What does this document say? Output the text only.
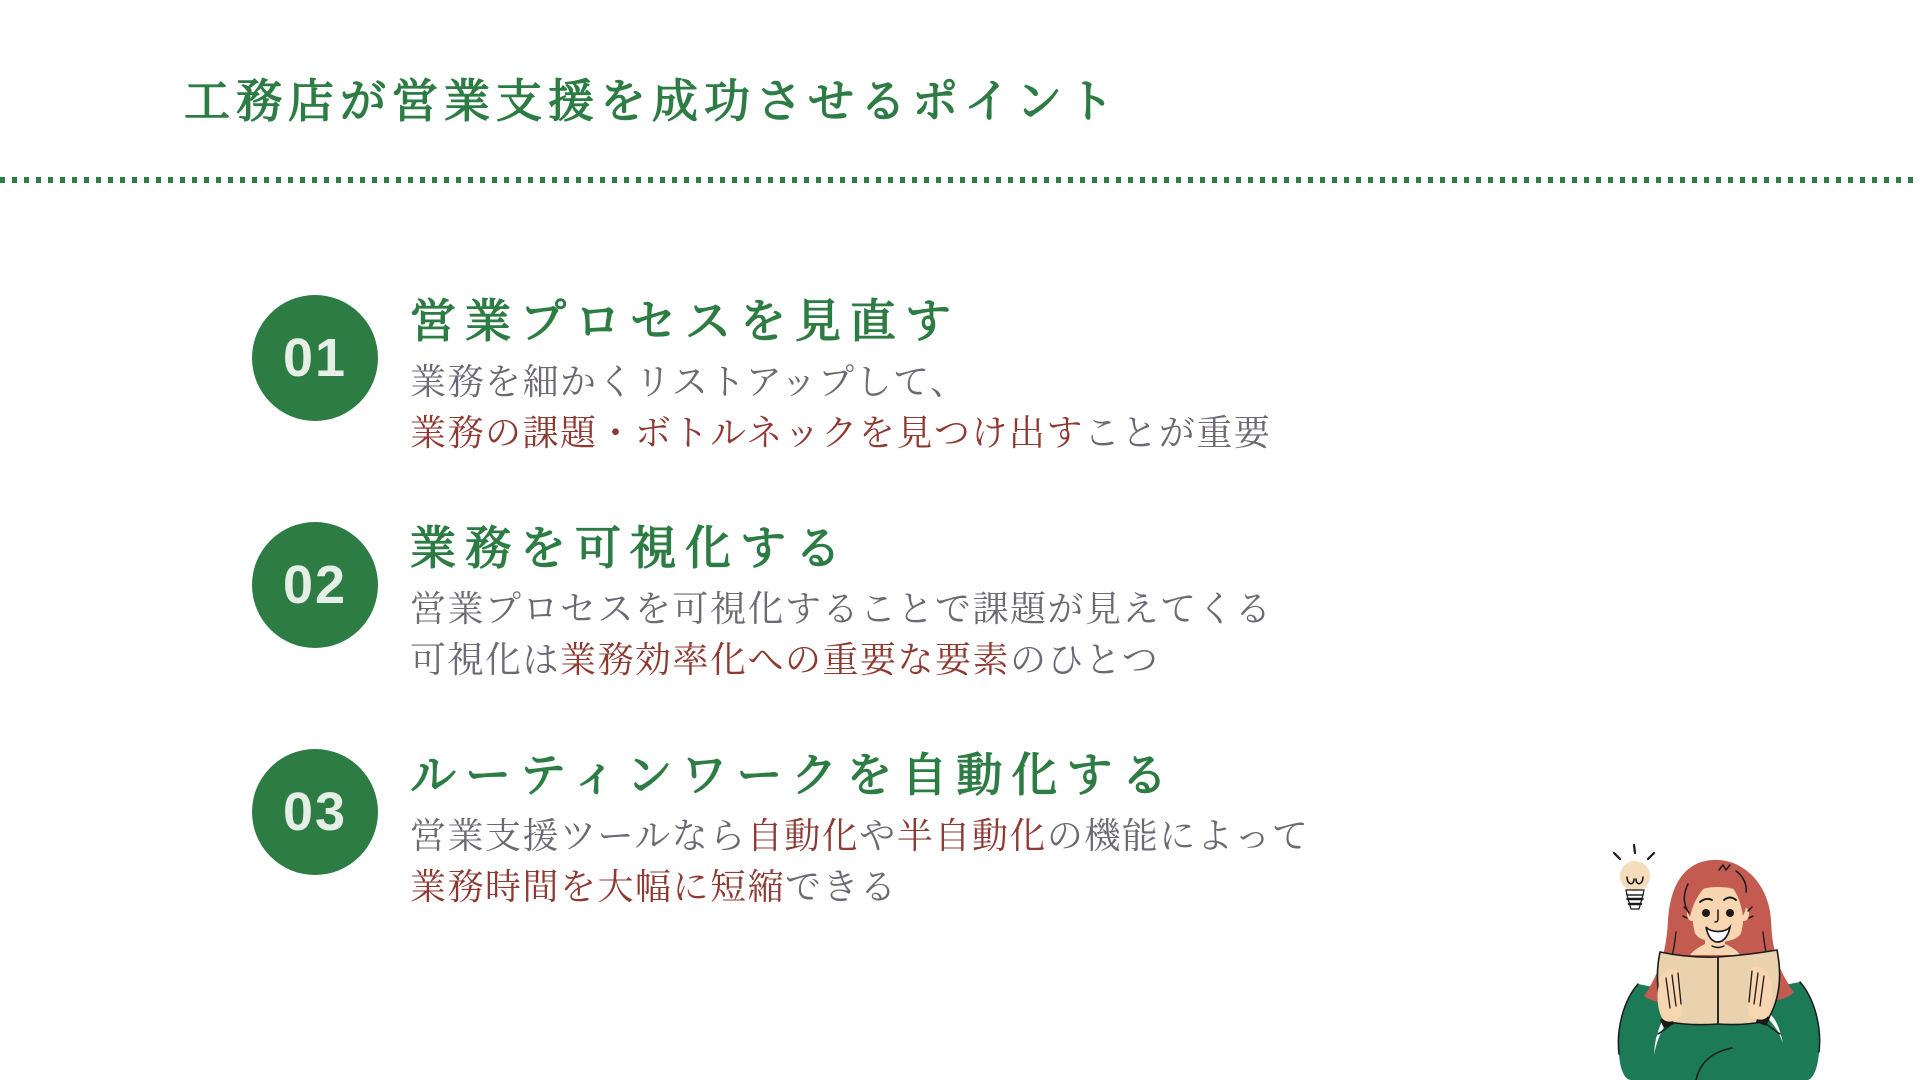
工務店が営業支援を成功させるポイント
01
営業プロセスを見直す
業務を細かくリストアップして、
業務の課題・ボトルネックを見つけ出すことが重要
02
業務を可視化する
営業プロセスを可視化することで課題が見えてくる
可視化は業務効率化への重要な要素のひとつ
03
ルーティンワークを自動化する
営業支援ツールなら自動化や半自動化の機能によって
業務時間を大幅に短縮できる
